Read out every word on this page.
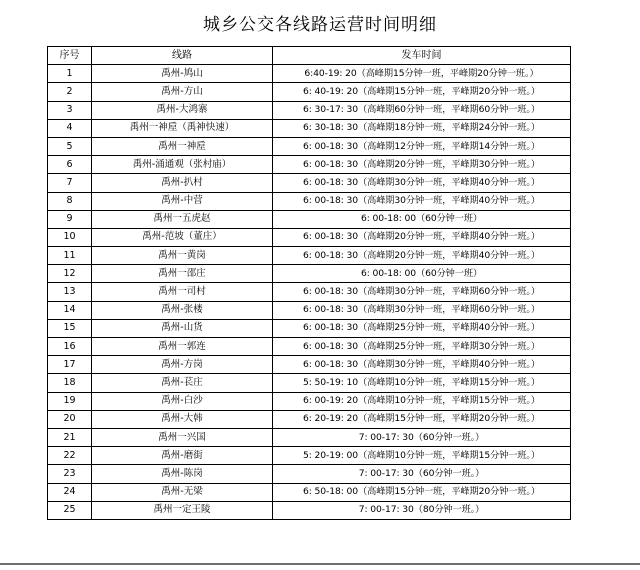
城乡公交各线路运营时间明细
序号	线路	发车时间
1	禹州-鸠山	6:40-19: 20（高峰期15分钟一班，平峰期20分钟一班。）
2	禹州-方山	6: 40-19: 20（高峰期15分钟一班，平峰期20分钟一班。）
3	禹州-大鸿寨	6: 30-17: 30（高峰期60分钟一班，平峰期60分钟一班。）
4	禹州一神垕（禹神快速）	6: 30-18: 30（高峰期18分钟一班，平峰期24分钟一班。）
5	禹州一神垕	6: 00-18: 30（高峰期12分钟一班，平峰期14分钟一班。）
6	禹州-涌通观（张村庙）	6: 00-18: 30（高峰期20分钟一班，平峰期30分钟一班。）
7	禹州-扒村	6: 00-18: 30（高峰期30分钟一班，平峰期40分钟一班。）
8	禹州-中营	6: 00-18: 30（高峰期30分钟一班，平峰期40分钟一班。）
9	禹州一五虎赵	6: 00-18: 00（60分钟一班）
10	禹州-范坡（董庄）	6: 00-18: 30（高峰期20分钟一班，平峰期40分钟一班。）
11	禹州一黄岗	6: 00-18: 30（高峰期20分钟一班，平峰期40分钟一班。）
12	禹州一邵庄	6: 00-18: 00（60分钟一班）
13	禹州一司村	6: 00-18: 30（高峰期30分钟一班，平峰期60分钟一班。）
14	禹州-张楼	6: 00-18: 30（高峰期30分钟一班，平峰期60分钟一班。）
15	禹州-山货	6: 00-18: 30（高峰期25分钟一班，平峰期40分钟一班。）
16	禹州一郭连	6: 00-18: 30（高峰期25分钟一班，平峰期30分钟一班。）
17	禹州-方岗	6: 00-18: 30（高峰期30分钟一班，平峰期40分钟一班。）
18	禹州-苌庄	5: 50-19: 10（高峰期10分钟一班，平峰期15分钟一班。）
19	禹州-白沙	6: 00-19: 20（高峰期10分钟一班，平峰期15分钟一班。）
20	禹州-大韩	6: 20-19: 20（高峰期15分钟一班，平峰期20分钟一班。）
21	禹州一兴国	7: 00-17: 30（60分钟一班。）
22	禹州-磨街	5: 20-19: 00（高峰期10分钟一班，平峰期15分钟一班。）
23	禹州-陈岗	7: 00-17: 30（60分钟一班。）
24	禹州-无梁	6: 50-18: 00（高峰期15分钟一班，平峰期20分钟一班。）
25	禹州一定王陵	7: 00-17: 30（80分钟一班。）
